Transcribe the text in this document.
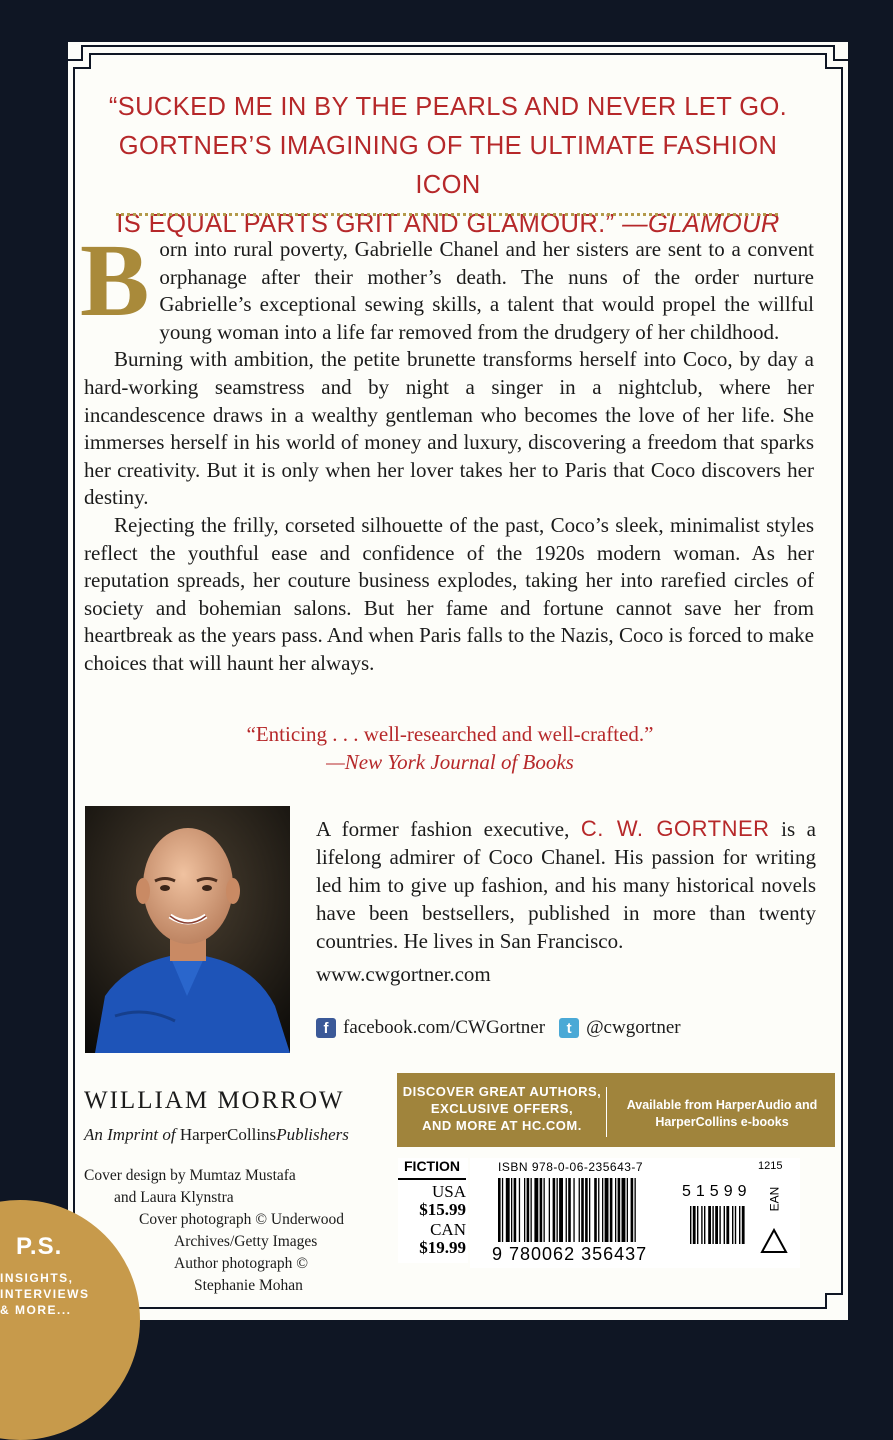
“SUCKED ME IN BY THE PEARLS AND NEVER LET GO.

GORTNER’S IMAGINING OF THE ULTIMATE FASHION ICON

IS EQUAL PARTS GRIT AND GLAMOUR.” —GLAMOUR

Born into rural poverty, Gabrielle Chanel and her sisters are sent to a convent orphanage after their mother’s death. The nuns of the order nurture Gabrielle’s exceptional sewing skills, a talent that would propel the willful young woman into a life far removed from the drudgery of her childhood.

Burning with ambition, the petite brunette transforms herself into Coco, by day a hard-working seamstress and by night a singer in a nightclub, where her incandescence draws in a wealthy gentleman who becomes the love of her life. She immerses herself in his world of money and luxury, discovering a freedom that sparks her creativity. But it is only when her lover takes her to Paris that Coco discovers her destiny.

Rejecting the frilly, corseted silhouette of the past, Coco’s sleek, minimalist styles reflect the youthful ease and confidence of the 1920s modern woman. As her reputation spreads, her couture business explodes, taking her into rarefied circles of society and bohemian salons. But her fame and fortune cannot save her from heartbreak as the years pass. And when Paris falls to the Nazis, Coco is forced to make choices that will haunt her always.

“Enticing . . . well-researched and well-crafted.”
—New York Journal of Books
A former fashion executive, C. W. GORTNER is a lifelong admirer of Coco Chanel. His passion for writing led him to give up fashion, and his many historical novels have been bestsellers, published in more than twenty countries. He lives in San Francisco.
www.cwgortner.com
f facebook.com/CWGortner	t @cwgortner
WILLIAM MORROW
An Imprint of HarperCollinsPublishers
Cover design by Mumtaz Mustafa
and Laura Klynstra
Cover photograph © Underwood
Archives/Getty Images
Author photograph ©
Stephanie Mohan
DISCOVER GREAT AUTHORS,
EXCLUSIVE OFFERS,
AND MORE AT HC.COM.
Available from HarperAudio and
HarperCollins e-books
FICTION
USA
$15.99
CAN
$19.99
ISBN 978-0-06-235643-7
9 780062 356437
51599
1215
EAN
P.S.
INSIGHTS,
INTERVIEWS
& MORE...
